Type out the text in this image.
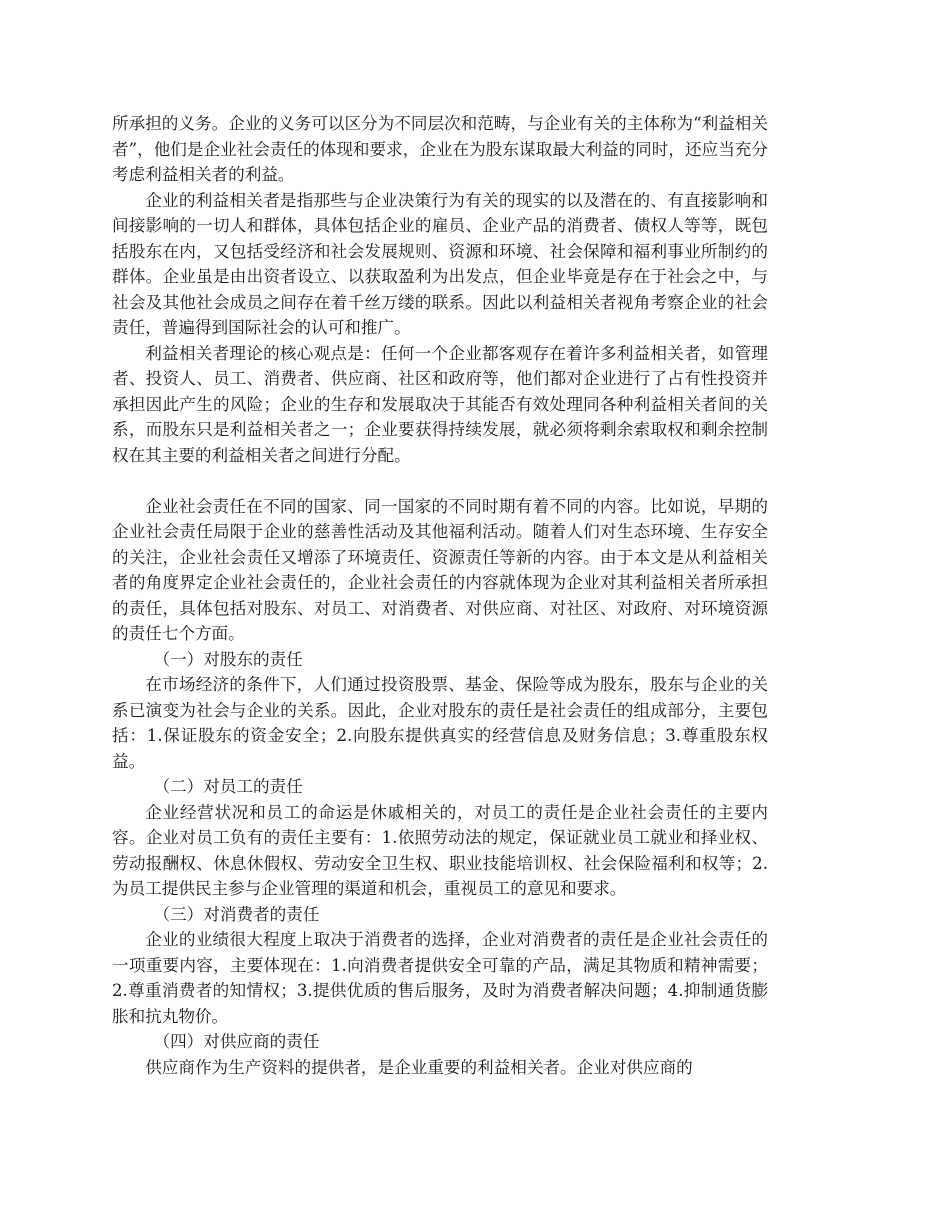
所承担的义务。企业的义务可以区分为不同层次和范畴，与企业有关的主体称为“利益相关者”，他们是企业社会责任的体现和要求，企业在为股东谋取最大利益的同时，还应当充分考虑利益相关者的利益。

企业的利益相关者是指那些与企业决策行为有关的现实的以及潜在的、有直接影响和间接影响的一切人和群体，具体包括企业的雇员、企业产品的消费者、债权人等等，既包括股东在内，又包括受经济和社会发展规则、资源和环境、社会保障和福利事业所制约的群体。企业虽是由出资者设立、以获取盈利为出发点，但企业毕竟是存在于社会之中，与社会及其他社会成员之间存在着千丝万缕的联系。因此以利益相关者视角考察企业的社会责任，普遍得到国际社会的认可和推广。

利益相关者理论的核心观点是：任何一个企业都客观存在着许多利益相关者，如管理者、投资人、员工、消费者、供应商、社区和政府等，他们都对企业进行了占有性投资并承担因此产生的风险；企业的生存和发展取决于其能否有效处理同各种利益相关者间的关系，而股东只是利益相关者之一；企业要获得持续发展，就必须将剩余索取权和剩余控制权在其主要的利益相关者之间进行分配。

企业社会责任在不同的国家、同一国家的不同时期有着不同的内容。比如说，早期的企业社会责任局限于企业的慈善性活动及其他福利活动。随着人们对生态环境、生存安全的关注，企业社会责任又增添了环境责任、资源责任等新的内容。由于本文是从利益相关者的角度界定企业社会责任的，企业社会责任的内容就体现为企业对其利益相关者所承担的责任，具体包括对股东、对员工、对消费者、对供应商、对社区、对政府、对环境资源的责任七个方面。

（一）对股东的责任

在市场经济的条件下，人们通过投资股票、基金、保险等成为股东，股东与企业的关系已演变为社会与企业的关系。因此，企业对股东的责任是社会责任的组成部分，主要包括：1.保证股东的资金安全；2.向股东提供真实的经营信息及财务信息；3.尊重股东权益。

（二）对员工的责任

企业经营状况和员工的命运是休戚相关的，对员工的责任是企业社会责任的主要内容。企业对员工负有的责任主要有：1.依照劳动法的规定，保证就业员工就业和择业权、劳动报酬权、休息休假权、劳动安全卫生权、职业技能培训权、社会保险福利和权等；2.为员工提供民主参与企业管理的渠道和机会，重视员工的意见和要求。

（三）对消费者的责任

企业的业绩很大程度上取决于消费者的选择，企业对消费者的责任是企业社会责任的一项重要内容，主要体现在：1.向消费者提供安全可靠的产品，满足其物质和精神需要；2.尊重消费者的知情权；3.提供优质的售后服务，及时为消费者解决问题；4.抑制通货膨胀和抗丸物价。

（四）对供应商的责任

供应商作为生产资料的提供者，是企业重要的利益相关者。企业对供应商的
